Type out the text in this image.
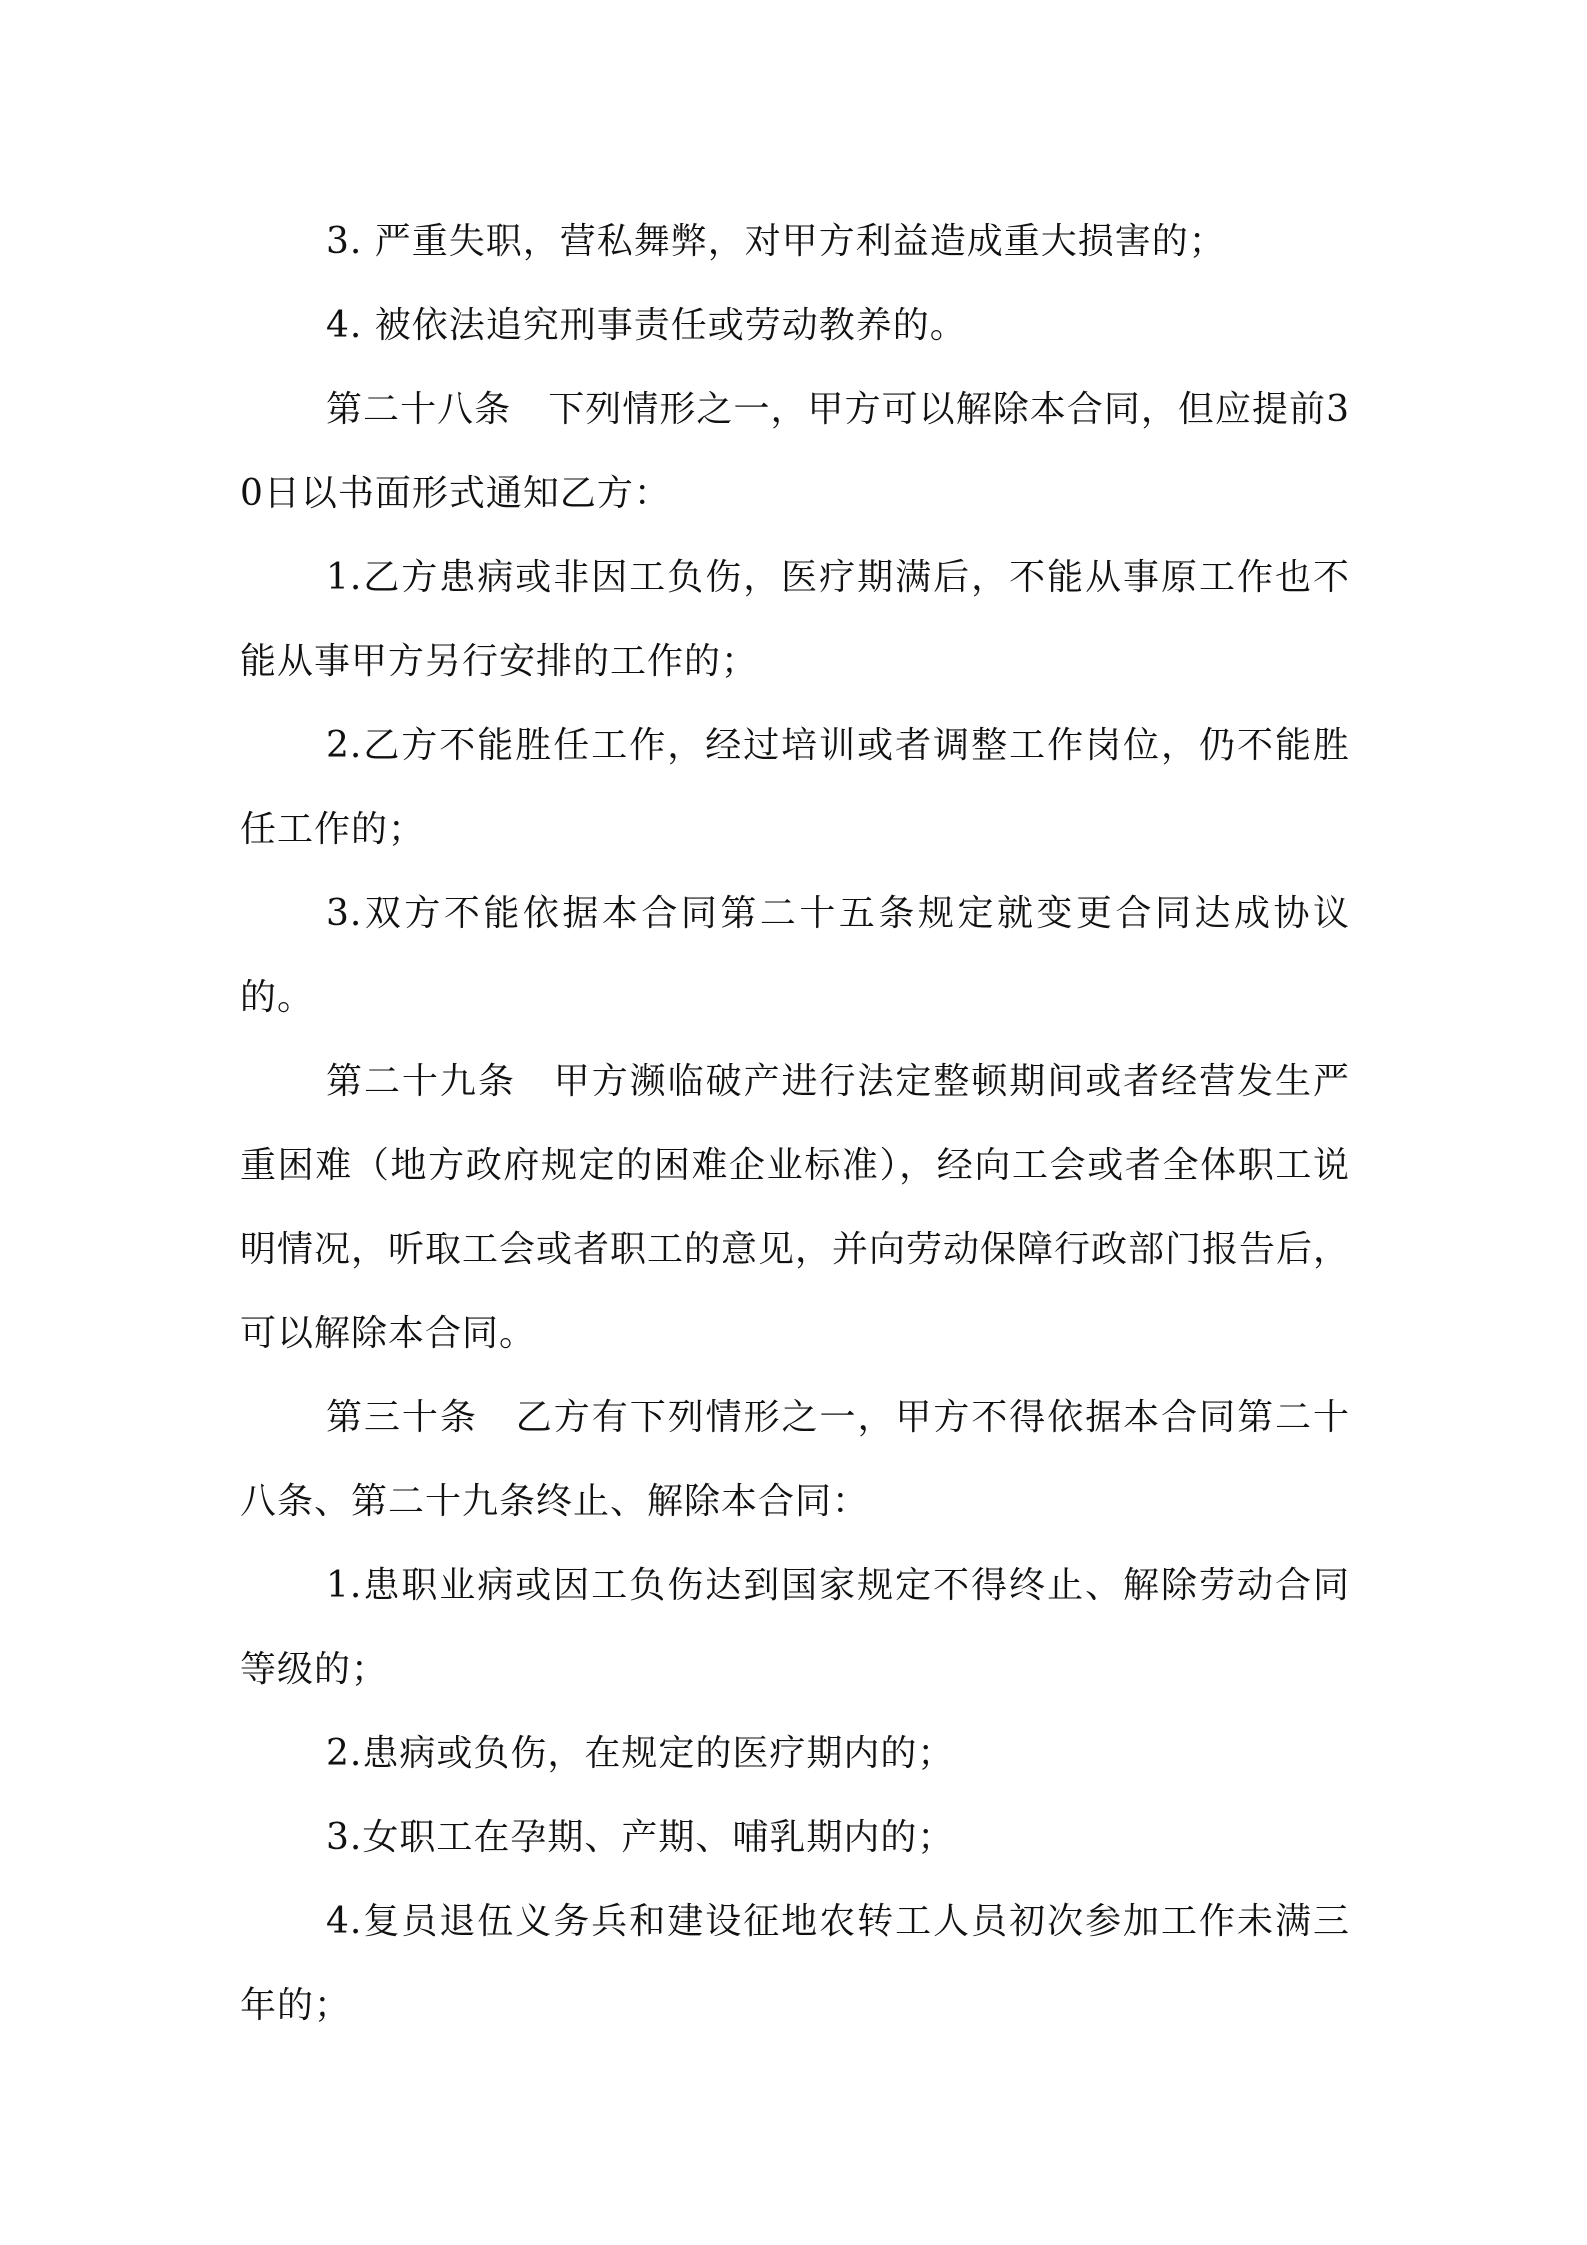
3. 严重失职，营私舞弊，对甲方利益造成重大损害的；

4. 被依法追究刑事责任或劳动教养的。

第二十八条　下列情形之一，甲方可以解除本合同，但应提前30日以书面形式通知乙方：

1.乙方患病或非因工负伤，医疗期满后，不能从事原工作也不能从事甲方另行安排的工作的；

2.乙方不能胜任工作，经过培训或者调整工作岗位，仍不能胜任工作的；

3.双方不能依据本合同第二十五条规定就变更合同达成协议的。

第二十九条　甲方濒临破产进行法定整顿期间或者经营发生严重困难（地方政府规定的困难企业标准），经向工会或者全体职工说明情况，听取工会或者职工的意见，并向劳动保障行政部门报告后，可以解除本合同。

第三十条　乙方有下列情形之一，甲方不得依据本合同第二十八条、第二十九条终止、解除本合同：

1.患职业病或因工负伤达到国家规定不得终止、解除劳动合同等级的；

2.患病或负伤，在规定的医疗期内的；

3.女职工在孕期、产期、哺乳期内的；

4.复员退伍义务兵和建设征地农转工人员初次参加工作未满三年的；
